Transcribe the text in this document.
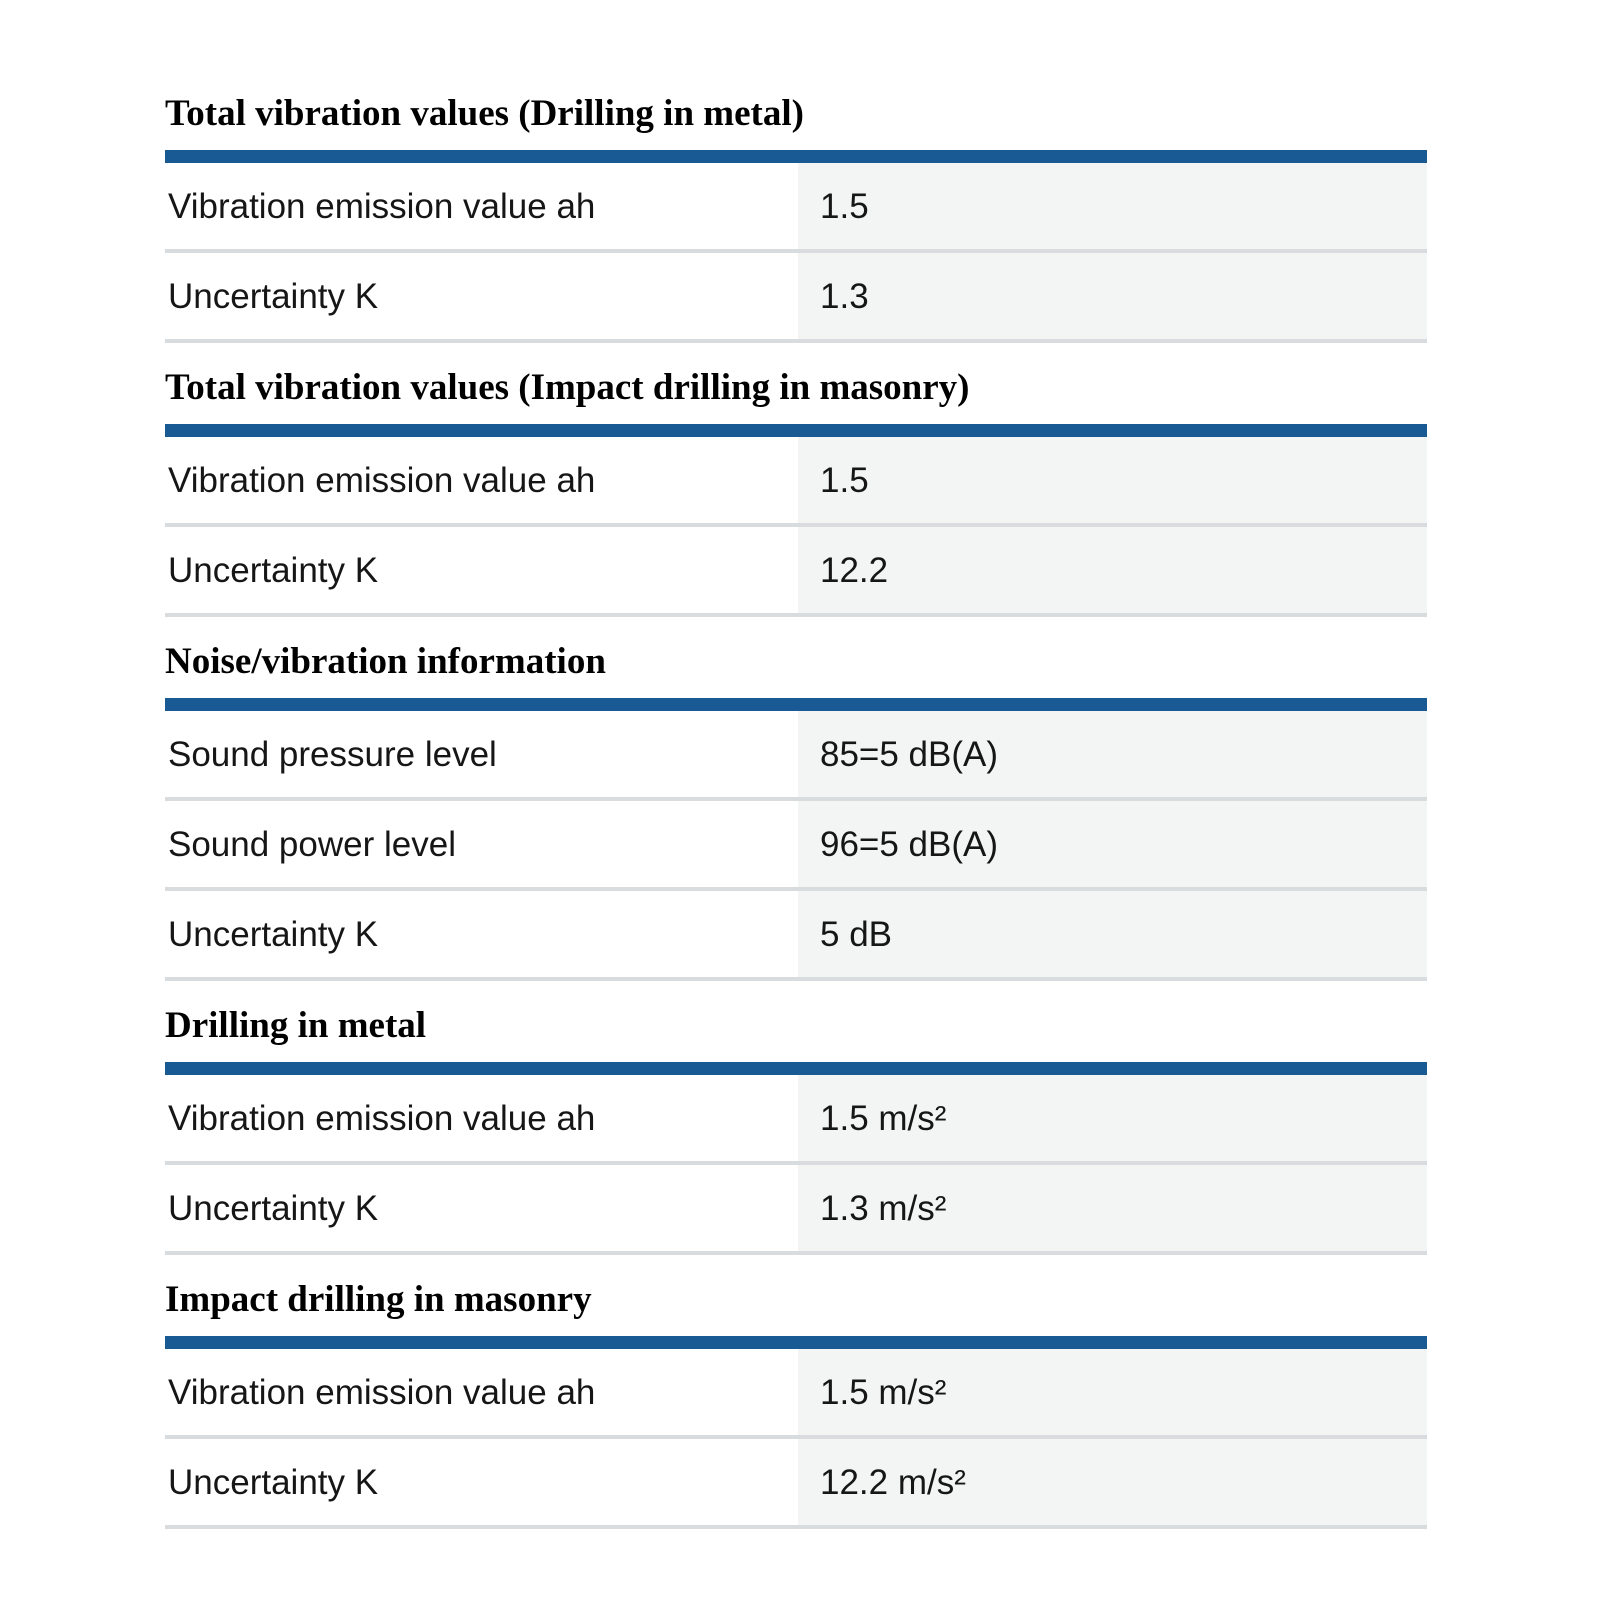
Total vibration values (Drilling in metal)
Vibration emission value ah	1.5
Uncertainty K	1.3
Total vibration values (Impact drilling in masonry)
Vibration emission value ah	1.5
Uncertainty K	12.2
Noise/vibration information
Sound pressure level	85=5 dB(A)
Sound power level	96=5 dB(A)
Uncertainty K	5 dB
Drilling in metal
Vibration emission value ah	1.5 m/s²
Uncertainty K	1.3 m/s²
Impact drilling in masonry
Vibration emission value ah	1.5 m/s²
Uncertainty K	12.2 m/s²
